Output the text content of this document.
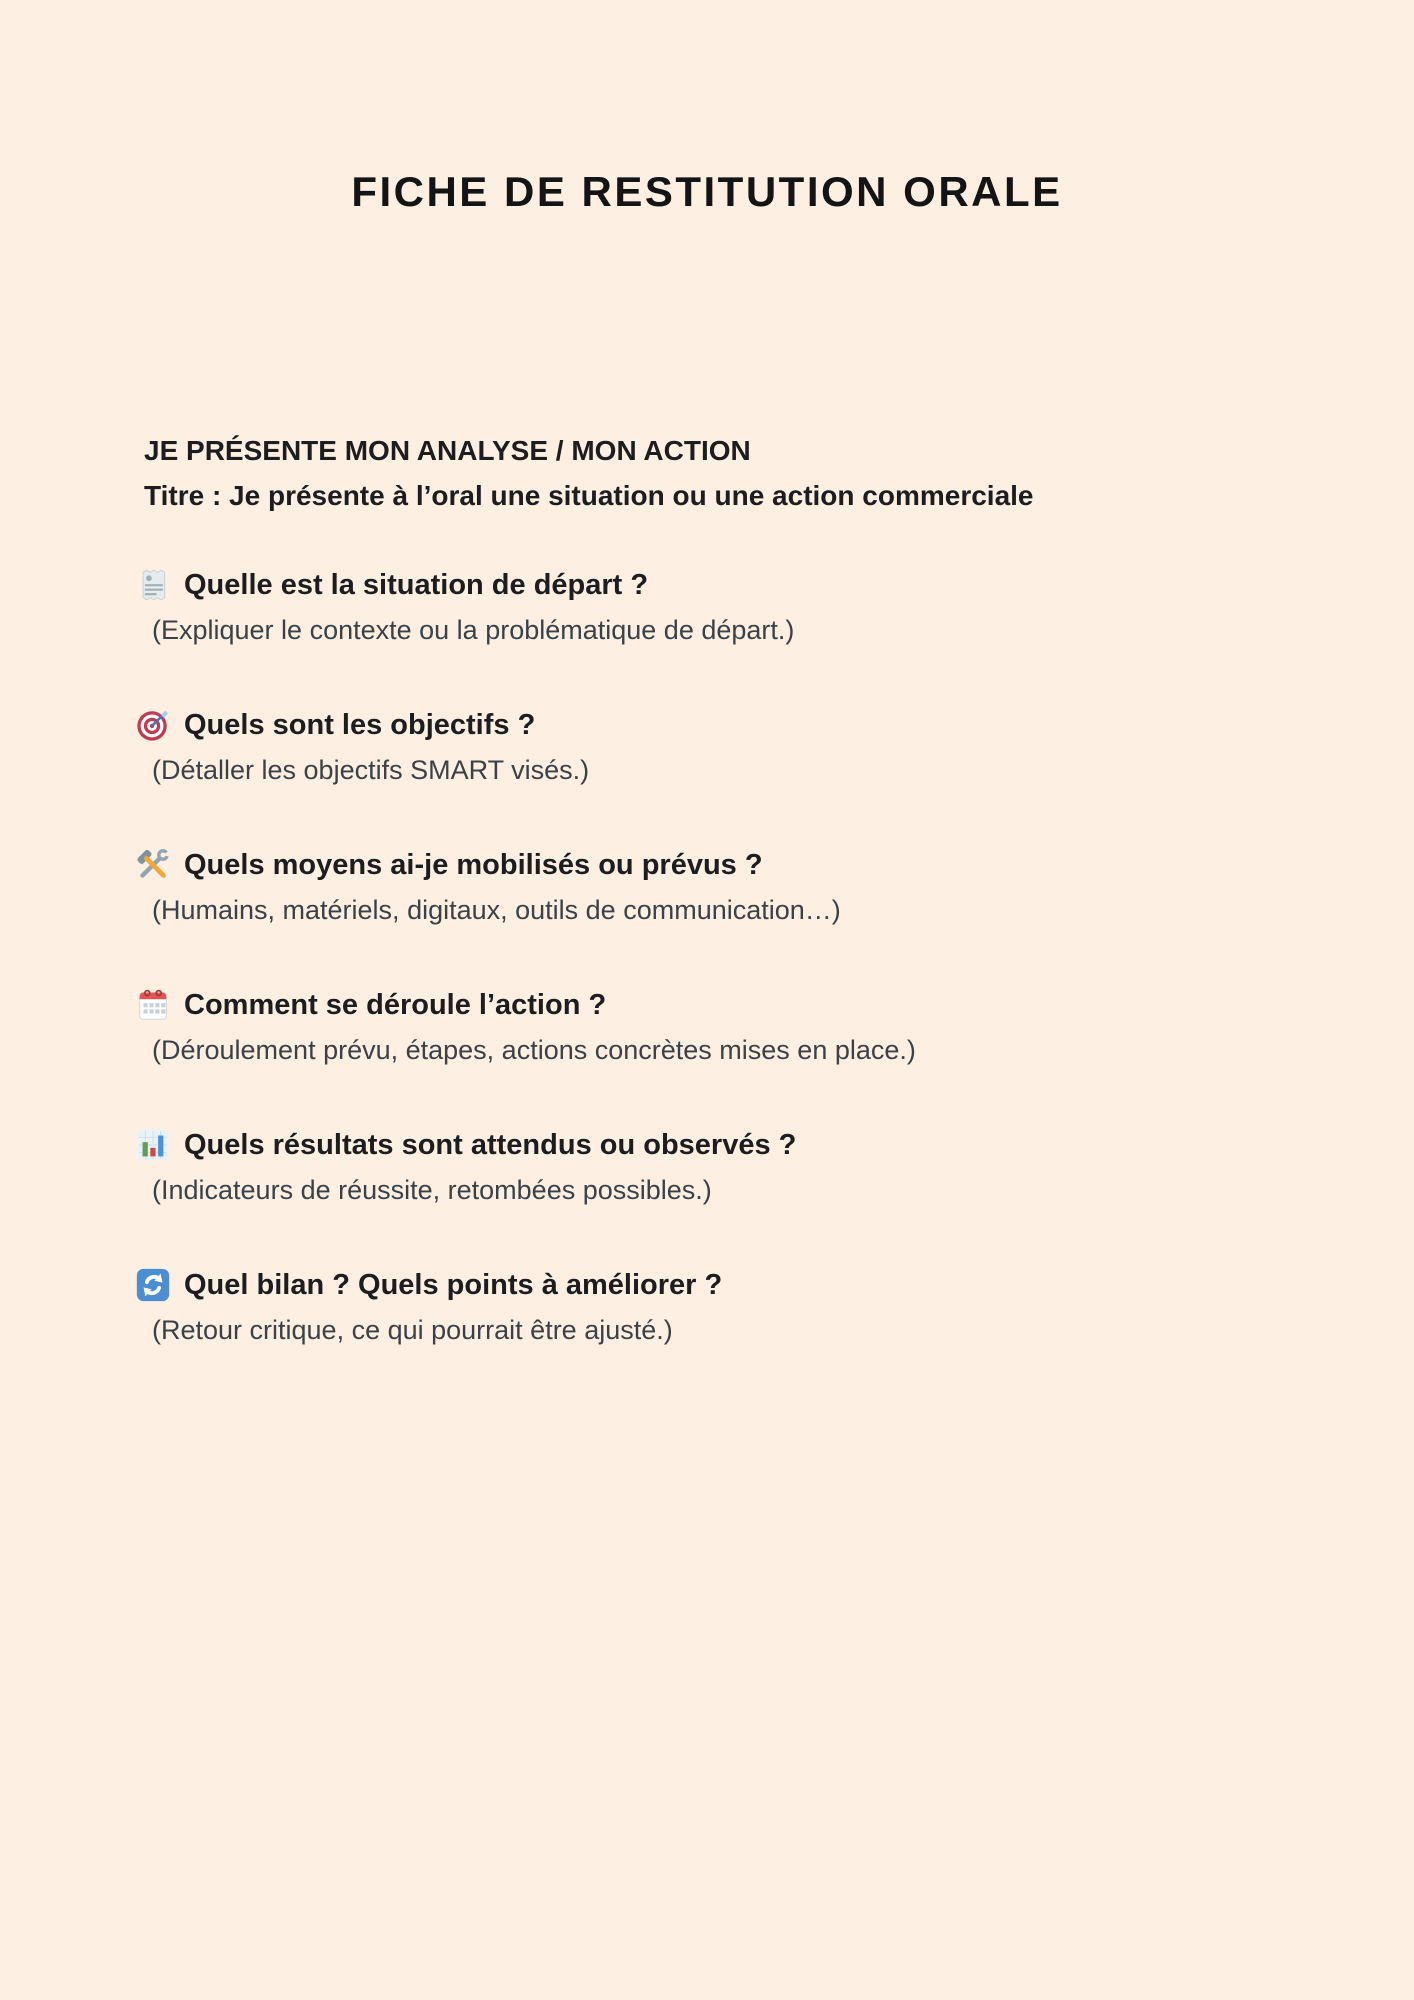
FICHE DE RESTITUTION ORALE
JE PRÉSENTE MON ANALYSE / MON ACTION
Titre : Je présente à l’oral une situation ou une action commerciale
Quelle est la situation de départ ?
(Expliquer le contexte ou la problématique de départ.)
Quels sont les objectifs ?
(Détaller les objectifs SMART visés.)
Quels moyens ai-je mobilisés ou prévus ?
(Humains, matériels, digitaux, outils de communication…)
Comment se déroule l’action ?
(Déroulement prévu, étapes, actions concrètes mises en place.)
Quels résultats sont attendus ou observés ?
(Indicateurs de réussite, retombées possibles.)
Quel bilan ? Quels points à améliorer ?
(Retour critique, ce qui pourrait être ajusté.)
